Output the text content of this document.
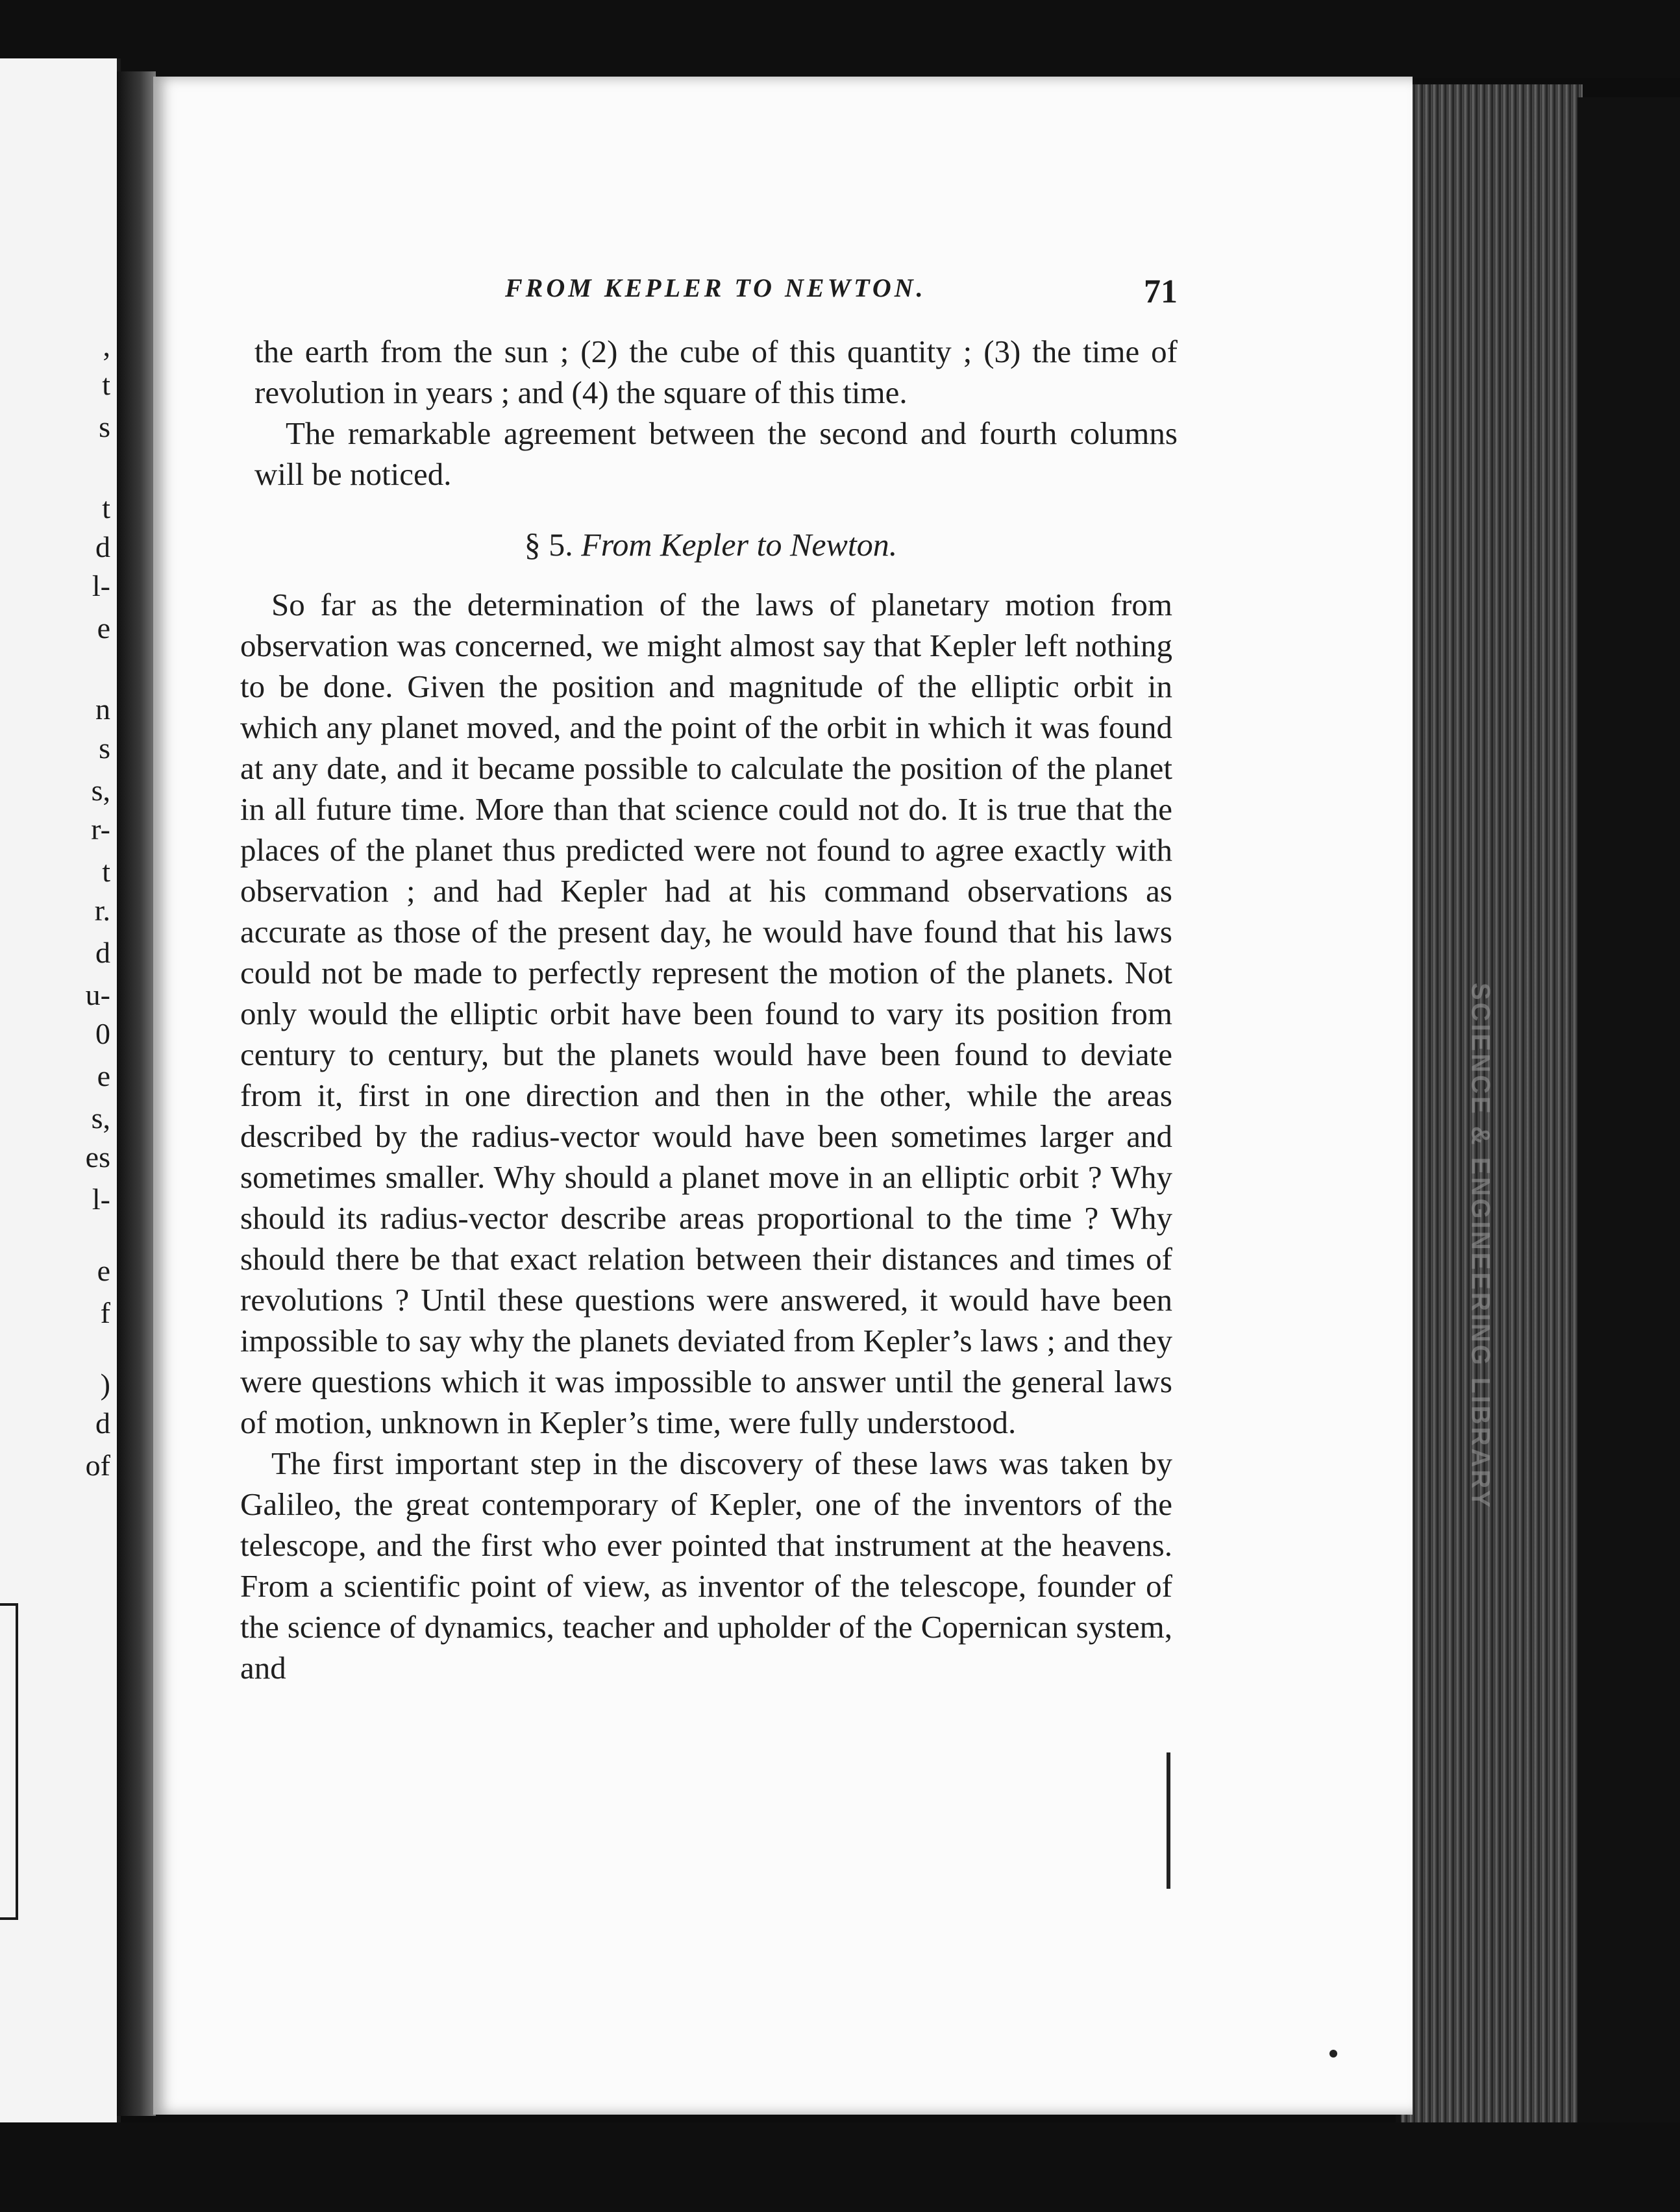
,
t
s
t
d
l-
e
n
s
s,
r-
t
r.
d
u-
0
e
s,
es
l-
e
f
)
d
of	SCIENCE & ENGINEERING LIBRARY
FROM KEPLER TO NEWTON.	71

the earth from the sun ; (2) the cube of this quantity ; (3) the time of revolution in years ; and (4) the square of this time.

The remarkable agreement between the second and fourth columns will be noticed.

§ 5. From Kepler to Newton.

So far as the determination of the laws of planetary motion from observation was concerned, we might almost say that Kepler left nothing to be done. Given the position and magnitude of the elliptic orbit in which any planet moved, and the point of the orbit in which it was found at any date, and it became possible to calculate the position of the planet in all future time. More than that science could not do. It is true that the places of the planet thus predicted were not found to agree exactly with observation ; and had Kepler had at his command observations as accurate as those of the present day, he would have found that his laws could not be made to perfectly represent the motion of the planets. Not only would the elliptic orbit have been found to vary its position from century to century, but the planets would have been found to deviate from it, first in one direction and then in the other, while the areas described by the radius-vector would have been sometimes larger and sometimes smaller. Why should a planet move in an elliptic orbit ? Why should its radius-vector describe areas proportional to the time ? Why should there be that exact relation between their distances and times of revolutions ? Until these questions were answered, it would have been impossible to say why the planets deviated from Kepler’s laws ; and they were questions which it was impossible to answer until the general laws of motion, unknown in Kepler’s time, were fully understood.

The first important step in the discovery of these laws was taken by Galileo, the great contemporary of Kepler, one of the inventors of the telescope, and the first who ever pointed that instrument at the heavens. From a scientific point of view, as inventor of the telescope, founder of the science of dynamics, teacher and upholder of the Copernican system, and
